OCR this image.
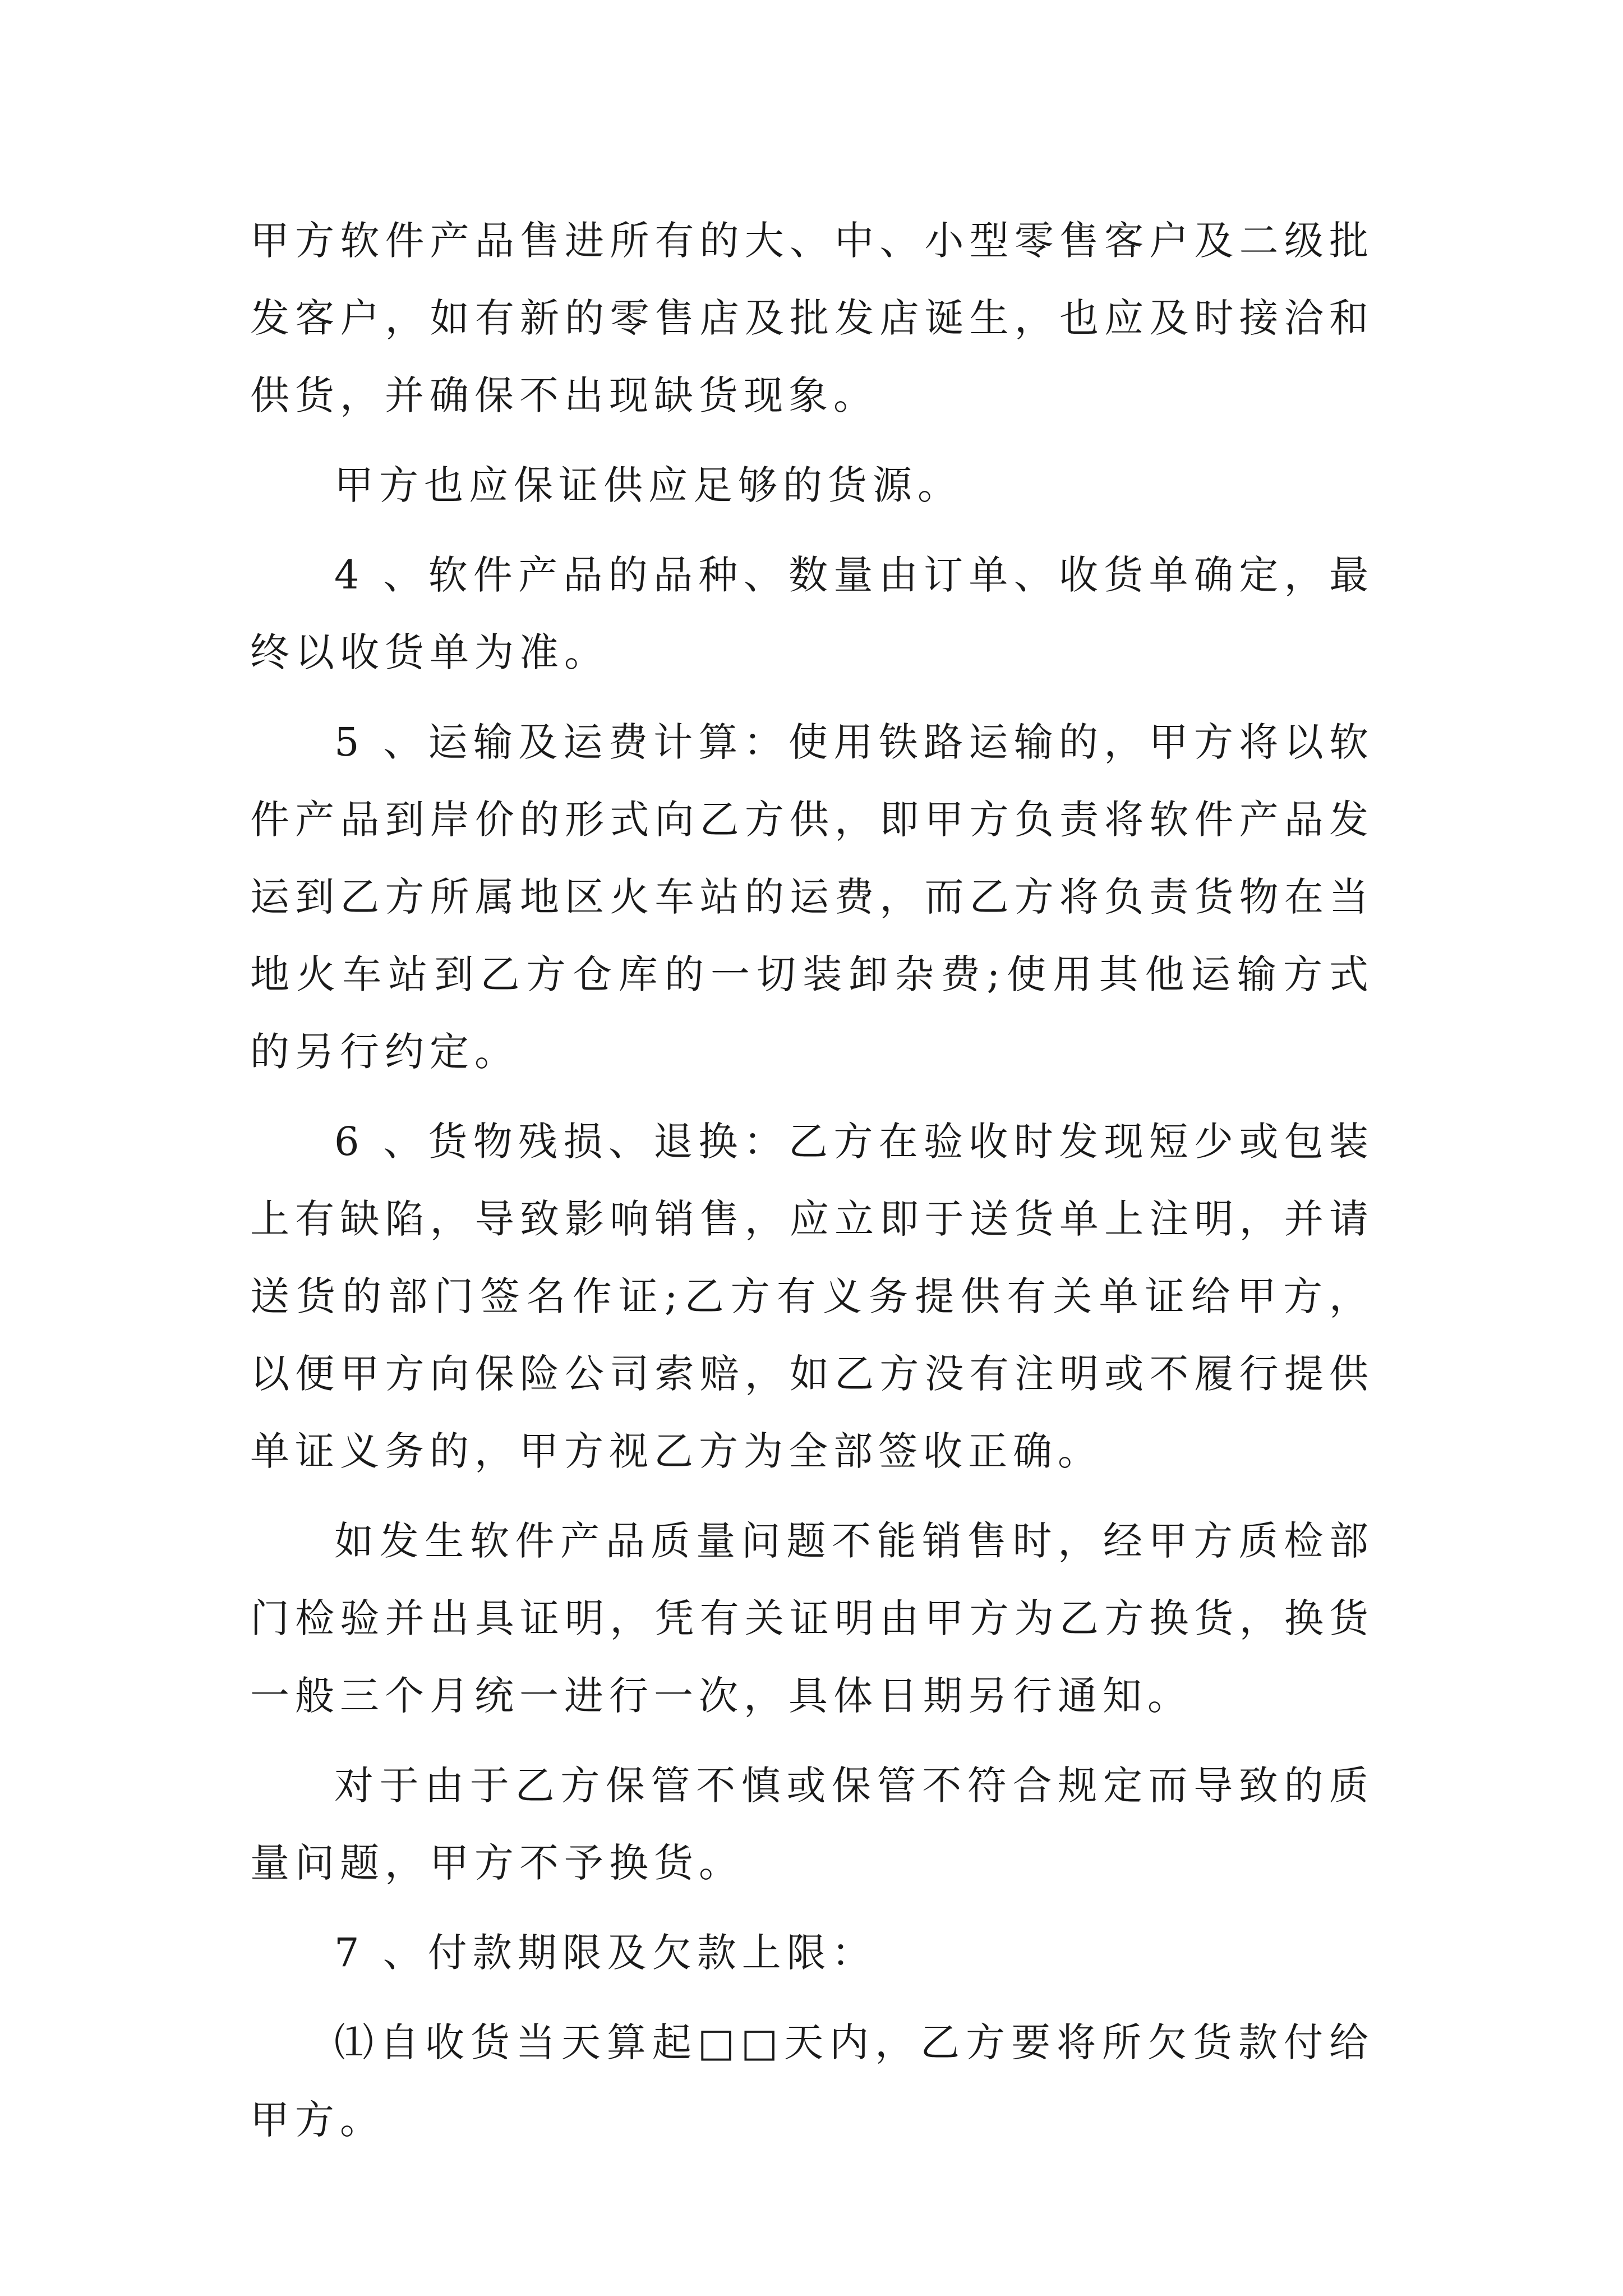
甲方软件产品售进所有的大、中、小型零售客户及二级批发客户，如有新的零售店及批发店诞生，也应及时接洽和供货，并确保不出现缺货现象。

甲方也应保证供应足够的货源。

4 、软件产品的品种、数量由订单、收货单确定，最终以收货单为准。

5 、运输及运费计算：使用铁路运输的，甲方将以软件产品到岸价的形式向乙方供，即甲方负责将软件产品发运到乙方所属地区火车站的运费，而乙方将负责货物在当地火车站到乙方仓库的一切装卸杂费;使用其他运输方式的另行约定。

6 、货物残损、退换：乙方在验收时发现短少或包装上有缺陷，导致影响销售，应立即于送货单上注明，并请送货的部门签名作证;乙方有义务提供有关单证给甲方，以便甲方向保险公司索赔，如乙方没有注明或不履行提供单证义务的，甲方视乙方为全部签收正确。

如发生软件产品质量问题不能销售时，经甲方质检部门检验并出具证明，凭有关证明由甲方为乙方换货，换货一般三个月统一进行一次，具体日期另行通知。

对于由于乙方保管不慎或保管不符合规定而导致的质量问题，甲方不予换货。

7 、付款期限及欠款上限：

⑴自收货当天算起□□天内，乙方要将所欠货款付给甲方。
